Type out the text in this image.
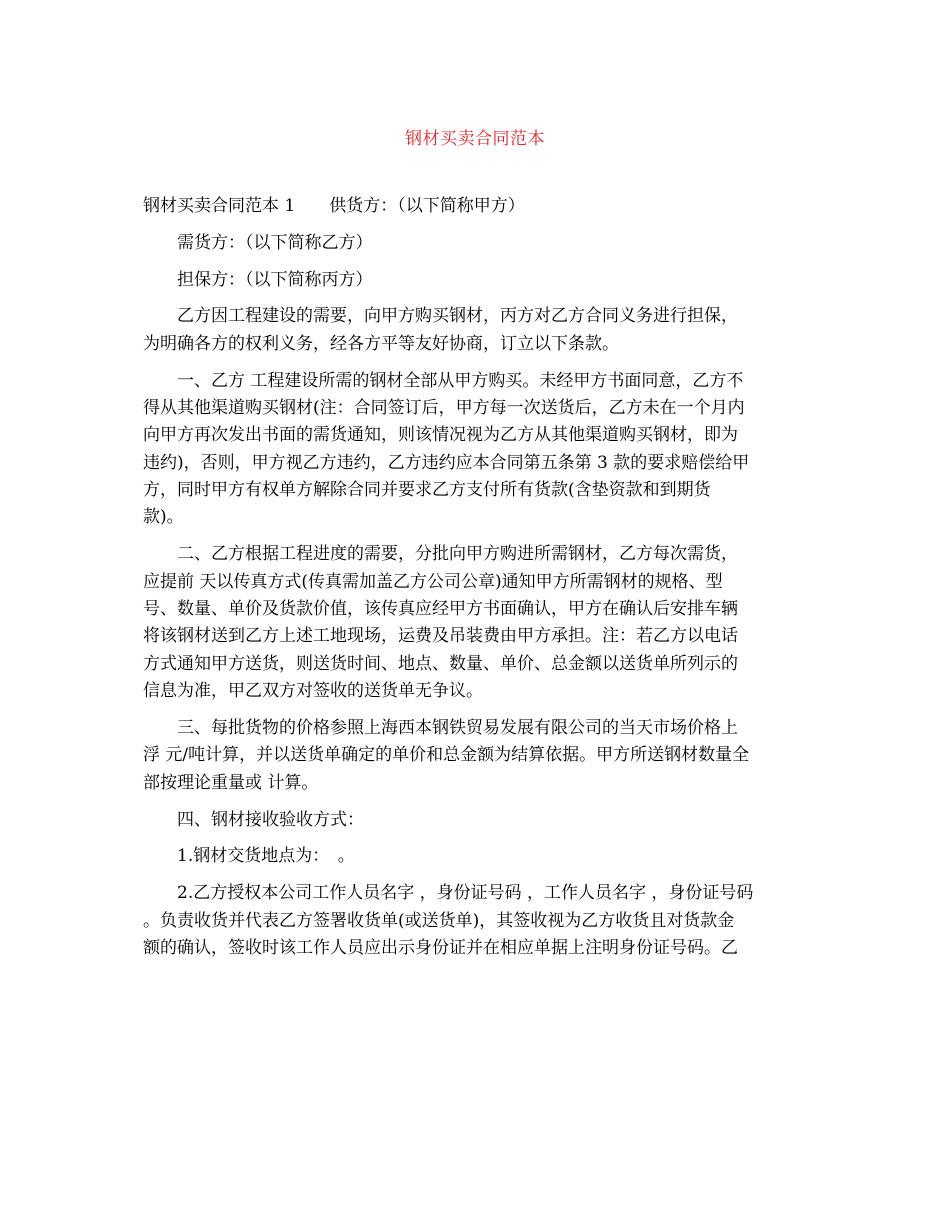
钢材买卖合同范本
钢材买卖合同范本 1　　供货方：（以下简称甲方）
需货方：（以下简称乙方）
担保方：（以下简称丙方）
乙方因工程建设的需要，向甲方购买钢材，丙方对乙方合同义务进行担保，
为明确各方的权利义务，经各方平等友好协商，订立以下条款。
一、乙方 工程建设所需的钢材全部从甲方购买。未经甲方书面同意，乙方不
得从其他渠道购买钢材(注：合同签订后，甲方每一次送货后，乙方未在一个月内
向甲方再次发出书面的需货通知，则该情况视为乙方从其他渠道购买钢材，即为
违约)，否则，甲方视乙方违约，乙方违约应本合同第五条第 3 款的要求赔偿给甲
方，同时甲方有权单方解除合同并要求乙方支付所有货款(含垫资款和到期货
款)。
二、乙方根据工程进度的需要，分批向甲方购进所需钢材，乙方每次需货，
应提前 天以传真方式(传真需加盖乙方公司公章)通知甲方所需钢材的规格、型
号、数量、单价及货款价值，该传真应经甲方书面确认，甲方在确认后安排车辆
将该钢材送到乙方上述工地现场，运费及吊装费由甲方承担。注：若乙方以电话
方式通知甲方送货，则送货时间、地点、数量、单价、总金额以送货单所列示的
信息为准，甲乙双方对签收的送货单无争议。
三、每批货物的价格参照上海西本钢铁贸易发展有限公司的当天市场价格上
浮 元/吨计算，并以送货单确定的单价和总金额为结算依据。甲方所送钢材数量全
部按理论重量或 计算。
四、钢材接收验收方式：
1.钢材交货地点为：　。
2.乙方授权本公司工作人员名字 ，身份证号码 ，工作人员名字 ，身份证号码
。负责收货并代表乙方签署收货单(或送货单)，其签收视为乙方收货且对货款金
额的确认，签收时该工作人员应出示身份证并在相应单据上注明身份证号码。乙
